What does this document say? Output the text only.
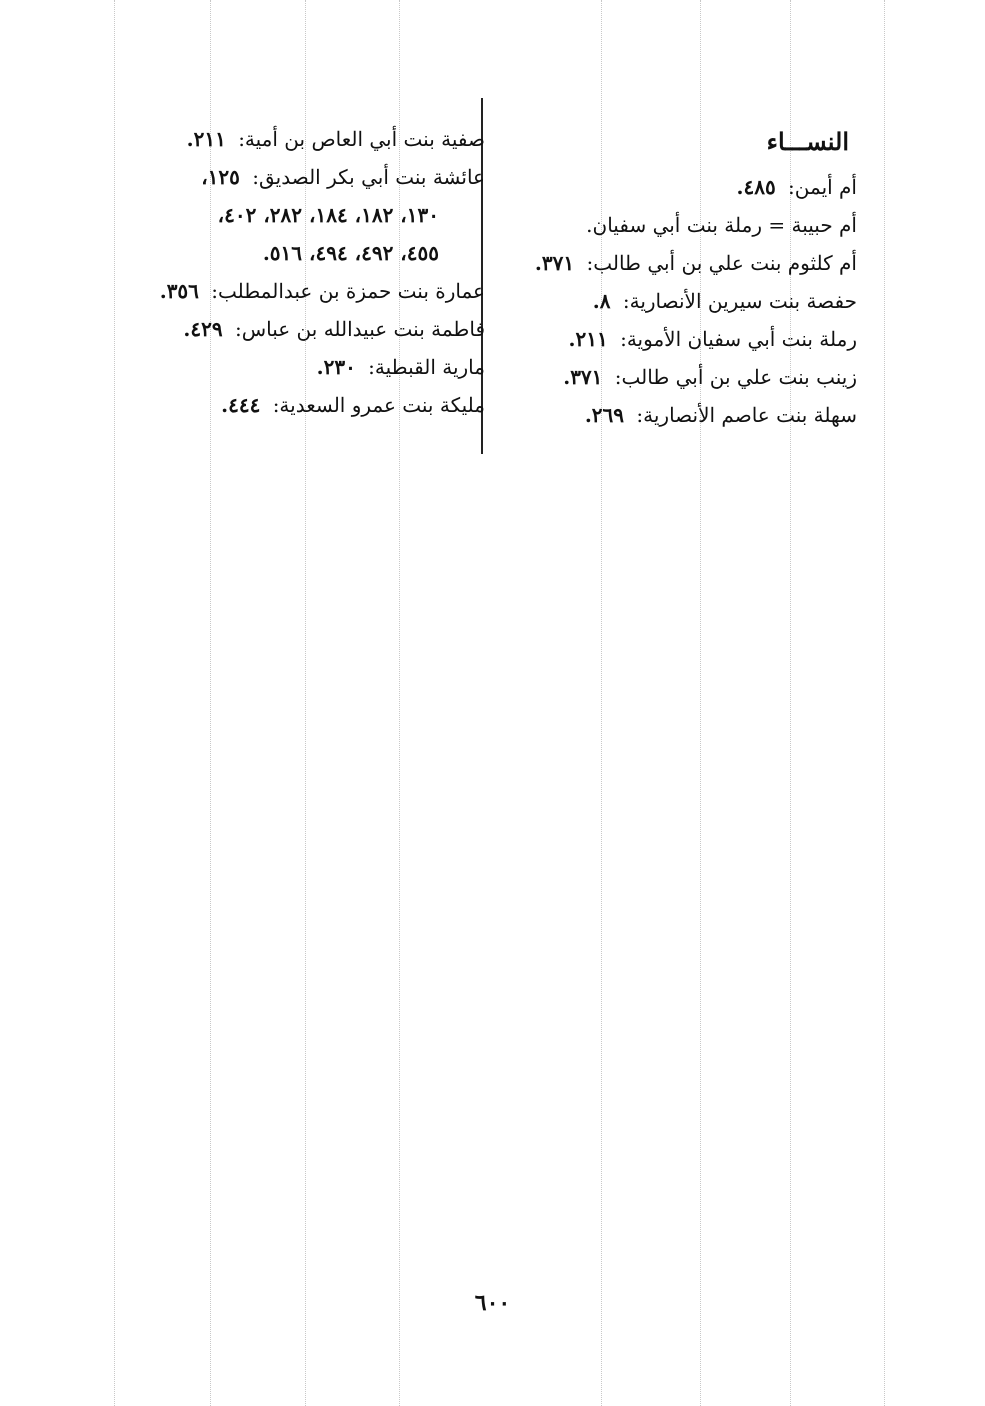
النســـاء
أم أيمن: ٤٨٥.
أم حبيبة = رملة بنت أبي سفيان.
أم كلثوم بنت علي بن أبي طالب: ٣٧١.
حفصة بنت سيرين الأنصارية: ٨.
رملة بنت أبي سفيان الأموية: ٢١١.
زينب بنت علي بن أبي طالب: ٣٧١.
سهلة بنت عاصم الأنصارية: ٢٦٩.
صفية بنت أبي العاص بن أمية: ٢١١.
عائشة بنت أبي بكر الصديق: ١٢٥،
١٣٠، ١٨٢، ١٨٤، ٢٨٢، ٤٠٢،
٤٥٥، ٤٩٢، ٤٩٤، ٥١٦.
عمارة بنت حمزة بن عبدالمطلب: ٣٥٦.
فاطمة بنت عبيدالله بن عباس: ٤٢٩.
مارية القبطية: ٢٣٠.
مليكة بنت عمرو السعدية: ٤٤٤.
٦٠٠
